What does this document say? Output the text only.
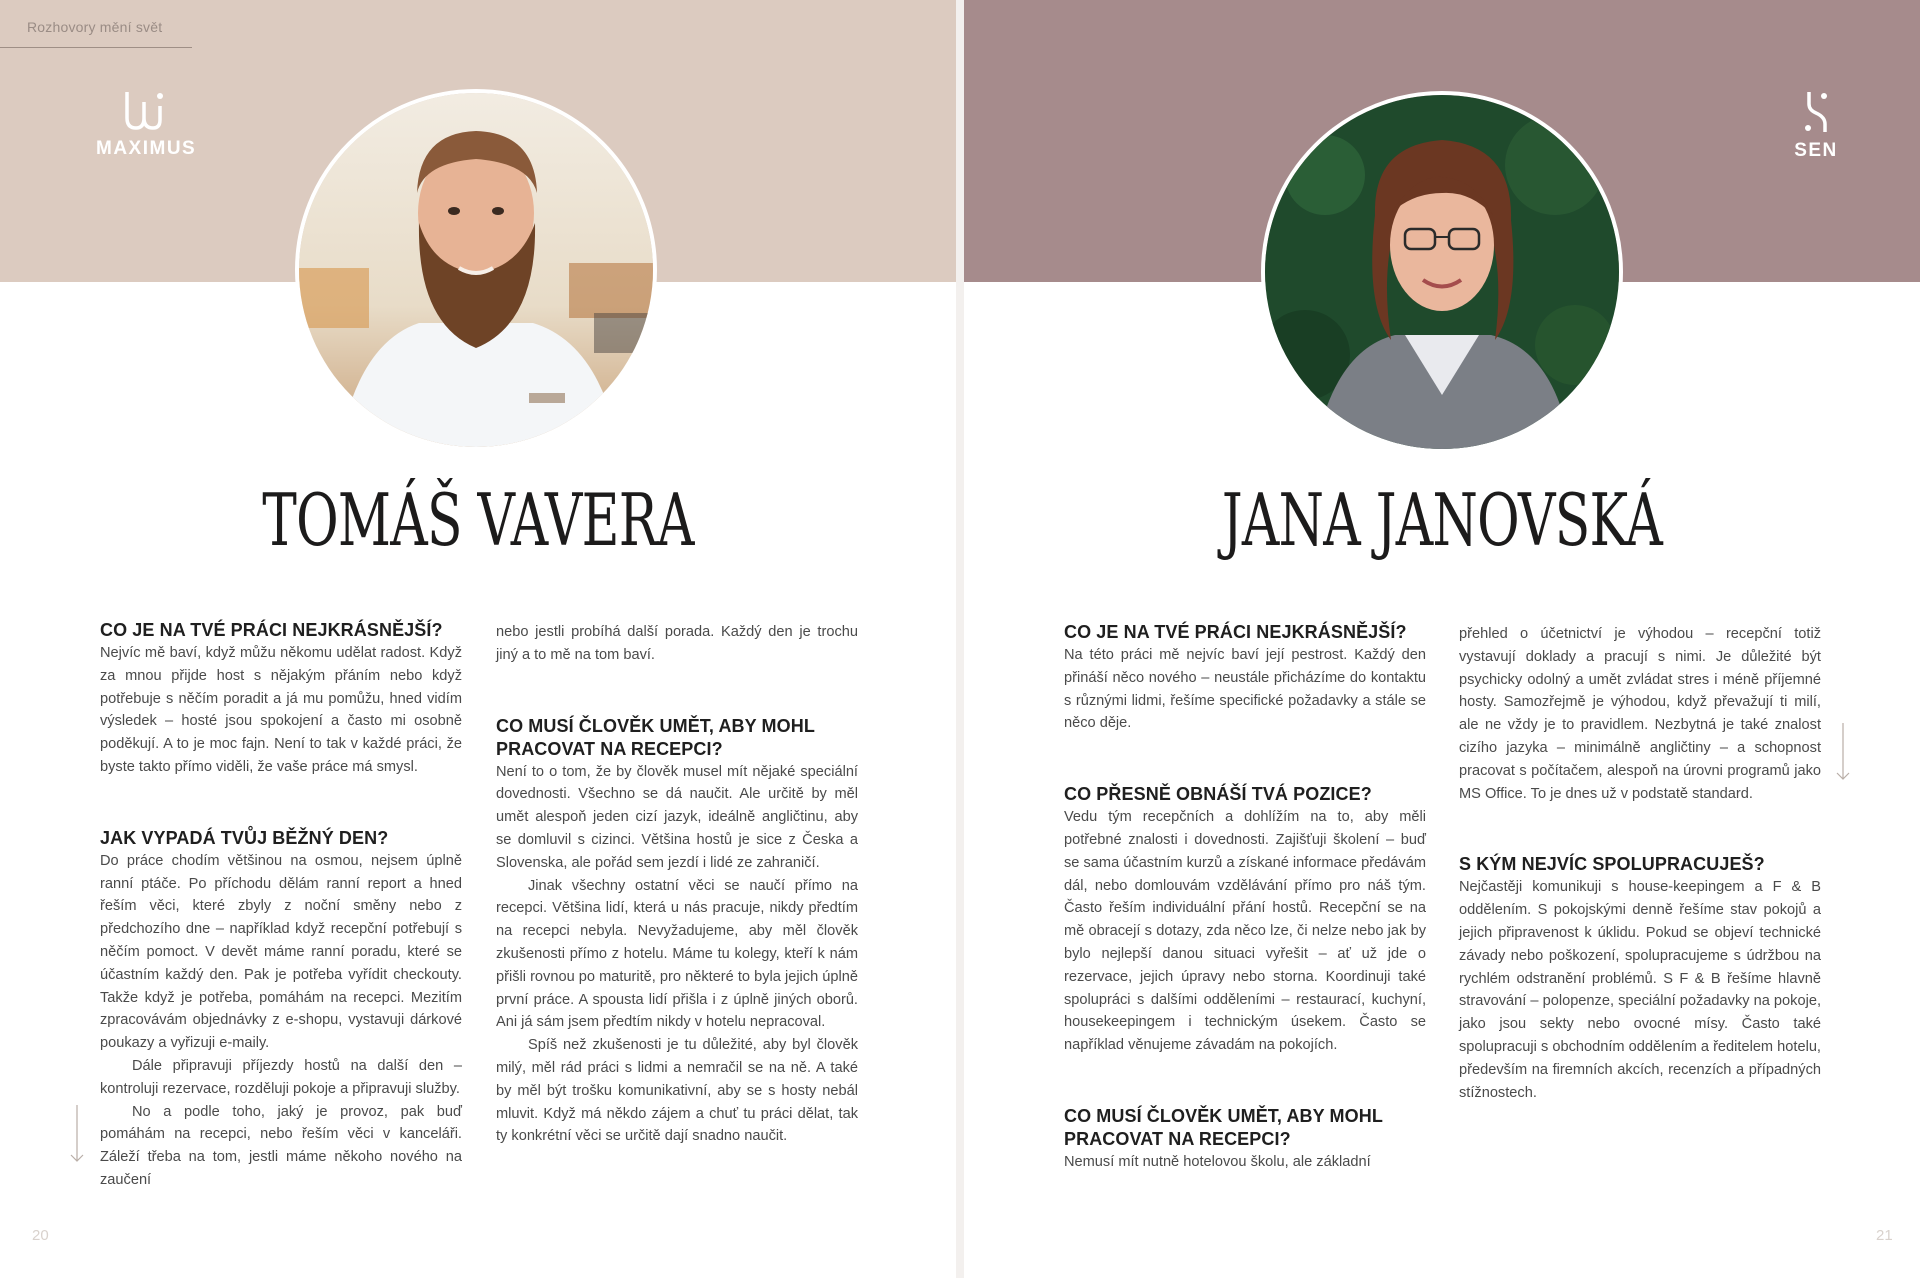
Rozhovory mění svět
MAXIMUS
TOMÁŠ VAVERA
CO JE NA TVÉ PRÁCI NEJKRÁSNĚJŠÍ?

Nejvíc mě baví, když můžu někomu udělat radost. Když za mnou přijde host s nějakým přáním nebo když potřebuje s něčím poradit a já mu pomůžu, hned vidím výsledek – hosté jsou spokojení a často mi osobně poděkují. A to je moc fajn. Není to tak v každé práci, že byste takto přímo viděli, že vaše práce má smysl.

JAK VYPADÁ TVŮJ BĚŽNÝ DEN?

Do práce chodím většinou na osmou, nejsem úplně ranní ptáče. Po příchodu dělám ranní report a hned řeším věci, které zbyly z noční směny nebo z předchozího dne – například když recepční potřebují s něčím pomoct. V devět máme ranní poradu, které se účastním každý den. Pak je potřeba vyřídit checkouty. Takže když je potřeba, pomáhám na recepci. Mezitím zpracovávám objednávky z e-shopu, vystavuji dárkové poukazy a vyřizuji e-maily.

Dále připravuji příjezdy hostů na další den – kontroluji rezervace, rozděluji pokoje a připravuji služby.

No a podle toho, jaký je provoz, pak buď pomáhám na recepci, nebo řeším věci v kanceláři. Záleží třeba na tom, jestli máme někoho nového na zaučení

nebo jestli probíhá další porada. Každý den je trochu jiný a to mě na tom baví.

CO MUSÍ ČLOVĚK UMĚT, ABY MOHL PRACOVAT NA RECEPCI?

Není to o tom, že by člověk musel mít nějaké speciální dovednosti. Všechno se dá naučit. Ale určitě by měl umět alespoň jeden cizí jazyk, ideálně angličtinu, aby se domluvil s cizinci. Většina hostů je sice z Česka a Slovenska, ale pořád sem jezdí i lidé ze zahraničí.

Jinak všechny ostatní věci se naučí přímo na recepci. Většina lidí, která u nás pracuje, nikdy předtím na recepci nebyla. Nevyžadujeme, aby měl člověk zkušenosti přímo z hotelu. Máme tu kolegy, kteří k nám přišli rovnou po maturitě, pro některé to byla jejich úplně první práce. A spousta lidí přišla i z úplně jiných oborů. Ani já sám jsem předtím nikdy v hotelu nepracoval.

Spíš než zkušenosti je tu důležité, aby byl člověk milý, měl rád práci s lidmi a nemračil se na ně. A také by měl být trošku komunikativní, aby se s hosty nebál mluvit. Když má někdo zájem a chuť tu práci dělat, tak ty konkrétní věci se určitě dají snadno naučit.

20
SEN
JANA JANOVSKÁ
CO JE NA TVÉ PRÁCI NEJKRÁSNĚJŠÍ?

Na této práci mě nejvíc baví její pestrost. Každý den přináší něco nového – neustále přicházíme do kontaktu s různými lidmi, řešíme specifické požadavky a stále se něco děje.

CO PŘESNĚ OBNÁŠÍ TVÁ POZICE?

Vedu tým recepčních a dohlížím na to, aby měli potřebné znalosti i dovednosti. Zajišťuji školení – buď se sama účastním kurzů a získané informace předávám dál, nebo domlouvám vzdělávání přímo pro náš tým. Často řeším individuální přání hostů. Recepční se na mě obracejí s dotazy, zda něco lze, či nelze nebo jak by bylo nejlepší danou situaci vyřešit – ať už jde o rezervace, jejich úpravy nebo storna. Koordinuji také spolupráci s dalšími odděleními – restaurací, kuchyní, housekeepingem i technickým úsekem. Často se například věnujeme závadám na pokojích.

CO MUSÍ ČLOVĚK UMĚT, ABY MOHL PRACOVAT NA RECEPCI?

Nemusí mít nutně hotelovou školu, ale základní

přehled o účetnictví je výhodou – recepční totiž vystavují doklady a pracují s nimi. Je důležité být psychicky odolný a umět zvládat stres i méně příjemné hosty. Samozřejmě je výhodou, když převažují ti milí, ale ne vždy je to pravidlem. Nezbytná je také znalost cizího jazyka – minimálně angličtiny – a schopnost pracovat s počítačem, alespoň na úrovni programů jako MS Office. To je dnes už v podstatě standard.

S KÝM NEJVÍC SPOLUPRACUJEŠ?

Nejčastěji komunikuji s house-keepingem a F & B oddělením. S pokojskými denně řešíme stav pokojů a jejich připravenost k úklidu. Pokud se objeví technické závady nebo poškození, spolupracujeme s údržbou na rychlém odstranění problémů. S F & B řešíme hlavně stravování – polopenze, speciální požadavky na pokoje, jako jsou sekty nebo ovocné mísy. Často také spolupracuji s obchodním oddělením a ředitelem hotelu, především na firemních akcích, recenzích a případných stížnostech.

21
